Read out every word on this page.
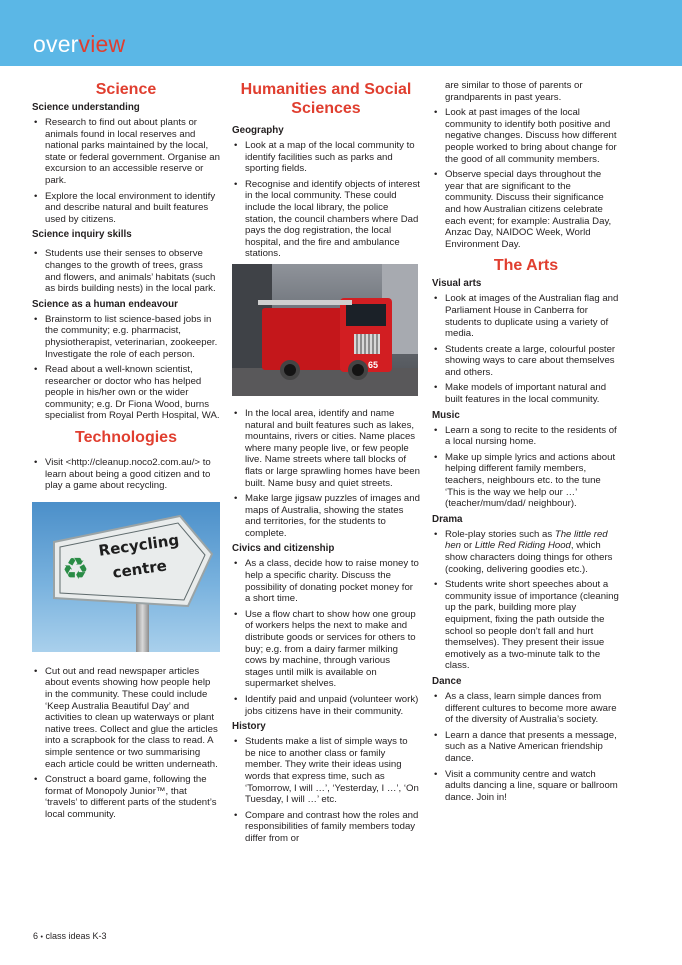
overview
Science
Science understanding
• Research to find out about plants or animals found in local reserves and national parks maintained by the local, state or federal government. Organise an excursion to an accessible reserve or park.
• Explore the local environment to identify and describe natural and built features used by citizens.
Science inquiry skills
• Students use their senses to observe changes to the growth of trees, grass and flowers, and animals’ habitats (such as birds building nests) in the local park.
Science as a human endeavour
• Brainstorm to list science-based jobs in the community; e.g. pharmacist, physiotherapist, veterinarian, zookeeper. Investigate the role of each person.
• Read about a well-known scientist, researcher or doctor who has helped people in his/her own or the wider community; e.g. Dr Fiona Wood, burns specialist from Royal Perth Hospital, WA.
Technologies
• Visit <http://cleanup.noco2.com.au/> to learn about being a good citizen and to play a game about recycling.
♻
Recycling
centre
• Cut out and read newspaper articles about events showing how people help in the community. These could include ‘Keep Australia Beautiful Day’ and activities to clean up waterways or plant native trees. Collect and glue the articles into a scrapbook for the class to read. A simple sentence or two summarising each article could be written underneath.
• Construct a board game, following the format of Monopoly Junior™, that ‘travels’ to different parts of the student’s local community.
Humanities and Social Sciences
Geography
• Look at a map of the local community to identify facilities such as parks and sporting fields.
• Recognise and identify objects of interest in the local community. These could include the local library, the police station, the council chambers where Dad pays the dog registration, the local hospital, and the fire and ambulance stations.
65
• In the local area, identify and name natural and built features such as lakes, mountains, rivers or cities. Name places where many people live, or few people live. Name streets where tall blocks of flats or large sprawling homes have been built. Name busy and quiet streets.
• Make large jigsaw puzzles of images and maps of Australia, showing the states and territories, for the students to complete.
Civics and citizenship
• As a class, decide how to raise money to help a specific charity. Discuss the possibility of donating pocket money for a short time.
• Use a flow chart to show how one group of workers helps the next to make and distribute goods or services for others to buy; e.g. from a dairy farmer milking cows by machine, through various stages until milk is available on supermarket shelves.
• Identify paid and unpaid (volunteer work) jobs citizens have in their community.
History
• Students make a list of simple ways to be nice to another class or family member. They write their ideas using words that express time, such as ‘Tomorrow, I will …’, ‘Yesterday, I …’, ‘On Tuesday, I will …’ etc.
• Compare and contrast how the roles and responsibilities of family members today differ from or
are similar to those of parents or grandparents in past years.
• Look at past images of the local community to identify both positive and negative changes. Discuss how different people worked to bring about change for the good of all community members.
• Observe special days throughout the year that are significant to the community. Discuss their significance and how Australian citizens celebrate each event; for example: Australia Day, Anzac Day, NAIDOC Week, World Environment Day.
The Arts
Visual arts
• Look at images of the Australian flag and Parliament House in Canberra for students to duplicate using a variety of media.
• Students create a large, colourful poster showing ways to care about themselves and others.
• Make models of important natural and built features in the local community.
Music
• Learn a song to recite to the residents of a local nursing home.
• Make up simple lyrics and actions about helping different family members, teachers, neighbours etc. to the tune ‘This is the way we help our …’ (teacher/mum/dad/ neighbour).
Drama
• Role-play stories such as The little red hen or Little Red Riding Hood, which show characters doing things for others (cooking, delivering goodies etc.).
• Students write short speeches about a community issue of importance (cleaning up the park, building more play equipment, fixing the path outside the school so people don’t fall and hurt themselves). They present their issue emotively as a two-minute talk to the class.
Dance
• As a class, learn simple dances from different cultures to become more aware of the diversity of Australia’s society.
• Learn a dance that presents a message, such as a Native American friendship dance.
• Visit a community centre and watch adults dancing a line, square or ballroom dance. Join in!
6 • class ideas K-3
